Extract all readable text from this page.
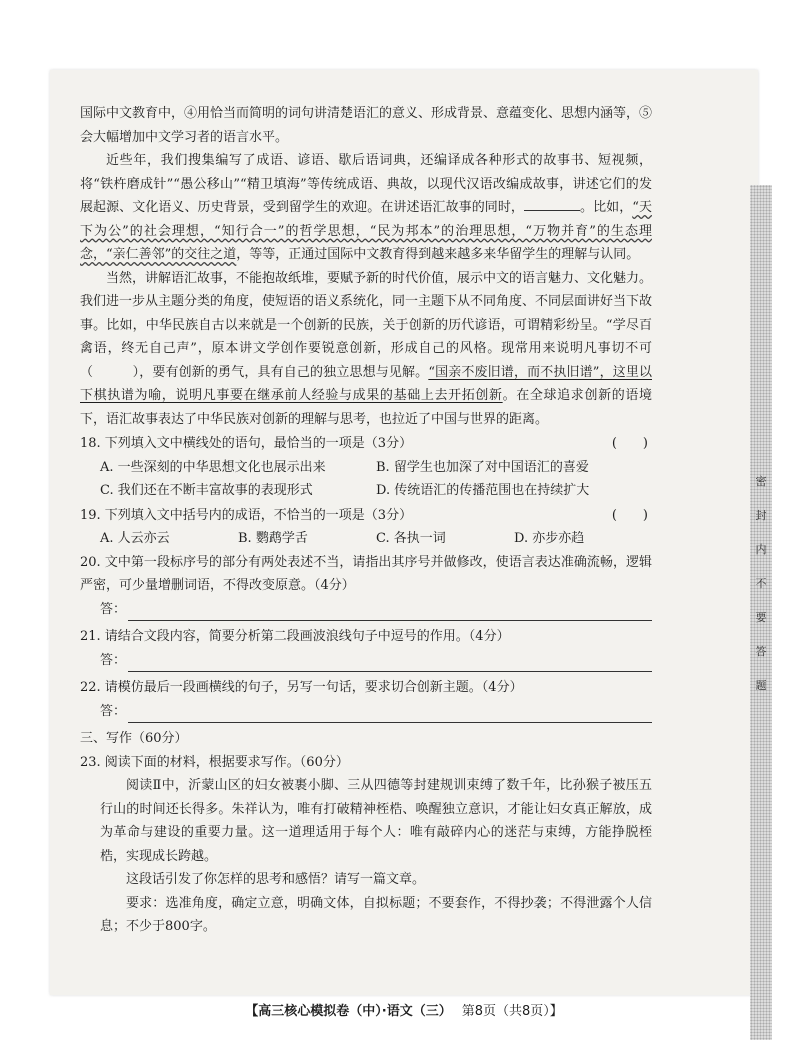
密
封
内
不
要
答
题
【高三核心模拟卷（中）·语文（三） 第8页（共8页）】

国际中文教育中，④用恰当而简明的词句讲清楚语汇的意义、形成背景、意蕴变化、思想内涵等，⑤会大幅增加中文学习者的语言水平。

近些年，我们搜集编写了成语、谚语、歇后语词典，还编译成各种形式的故事书、短视频，将“铁杵磨成针”“愚公移山”“精卫填海”等传统成语、典故，以现代汉语改编成故事，讲述它们的发展起源、文化语义、历史背景，受到留学生的欢迎。在讲述语汇故事的同时，	。比如，“天下为公”的社会理想，“知行合一”的哲学思想，“民为邦本”的治理思想，“万物并育”的生态理念，“亲仁善邻”的交往之道，等等，正通过国际中文教育得到越来越多来华留学生的理解与认同。

当然，讲解语汇故事，不能抱故纸堆，要赋予新的时代价值，展示中文的语言魅力、文化魅力。我们进一步从主题分类的角度，使短语的语义系统化，同一主题下从不同角度、不同层面讲好当下故事。比如，中华民族自古以来就是一个创新的民族，关于创新的历代谚语，可谓精彩纷呈。“学尽百禽语，终无自己声”，原本讲文学创作要锐意创新，形成自己的风格。现常用来说明凡事切不可（　　　），要有创新的勇气，具有自己的独立思想与见解。“国亲不废旧谱，而不执旧谱”，这里以下棋执谱为喻，说明凡事要在继承前人经验与成果的基础上去开拓创新。在全球追求创新的语境下，语汇故事表达了中华民族对创新的理解与思考，也拉近了中国与世界的距离。

18. 下列填入文中横线处的语句，最恰当的一项是（3分）	(　　)
A. 一些深刻的中华思想文化也展示出来	B. 留学生也加深了对中国语汇的喜爱
C. 我们还在不断丰富故事的表现形式	D. 传统语汇的传播范围也在持续扩大
19. 下列填入文中括号内的成语，不恰当的一项是（3分）	(　　)
A. 人云亦云	B. 鹦鹉学舌	C. 各执一词	D. 亦步亦趋

20. 文中第一段标序号的部分有两处表述不当，请指出其序号并做修改，使语言表达准确流畅，逻辑严密，可少量增删词语，不得改变原意。（4分）

答：

21. 请结合文段内容，简要分析第二段画波浪线句子中逗号的作用。（4分）

答：

22. 请模仿最后一段画横线的句子，另写一句话，要求切合创新主题。（4分）

答：

三、写作（60分）

23. 阅读下面的材料，根据要求写作。（60分）

阅读Ⅱ中，沂蒙山区的妇女被裹小脚、三从四德等封建规训束缚了数千年，比孙猴子被压五行山的时间还长得多。朱祥认为，唯有打破精神桎梏、唤醒独立意识，才能让妇女真正解放，成为革命与建设的重要力量。这一道理适用于每个人：唯有敲碎内心的迷茫与束缚，方能挣脱桎梏，实现成长跨越。

这段话引发了你怎样的思考和感悟？请写一篇文章。

要求：选准角度，确定立意，明确文体，自拟标题；不要套作，不得抄袭；不得泄露个人信息；不少于800字。
